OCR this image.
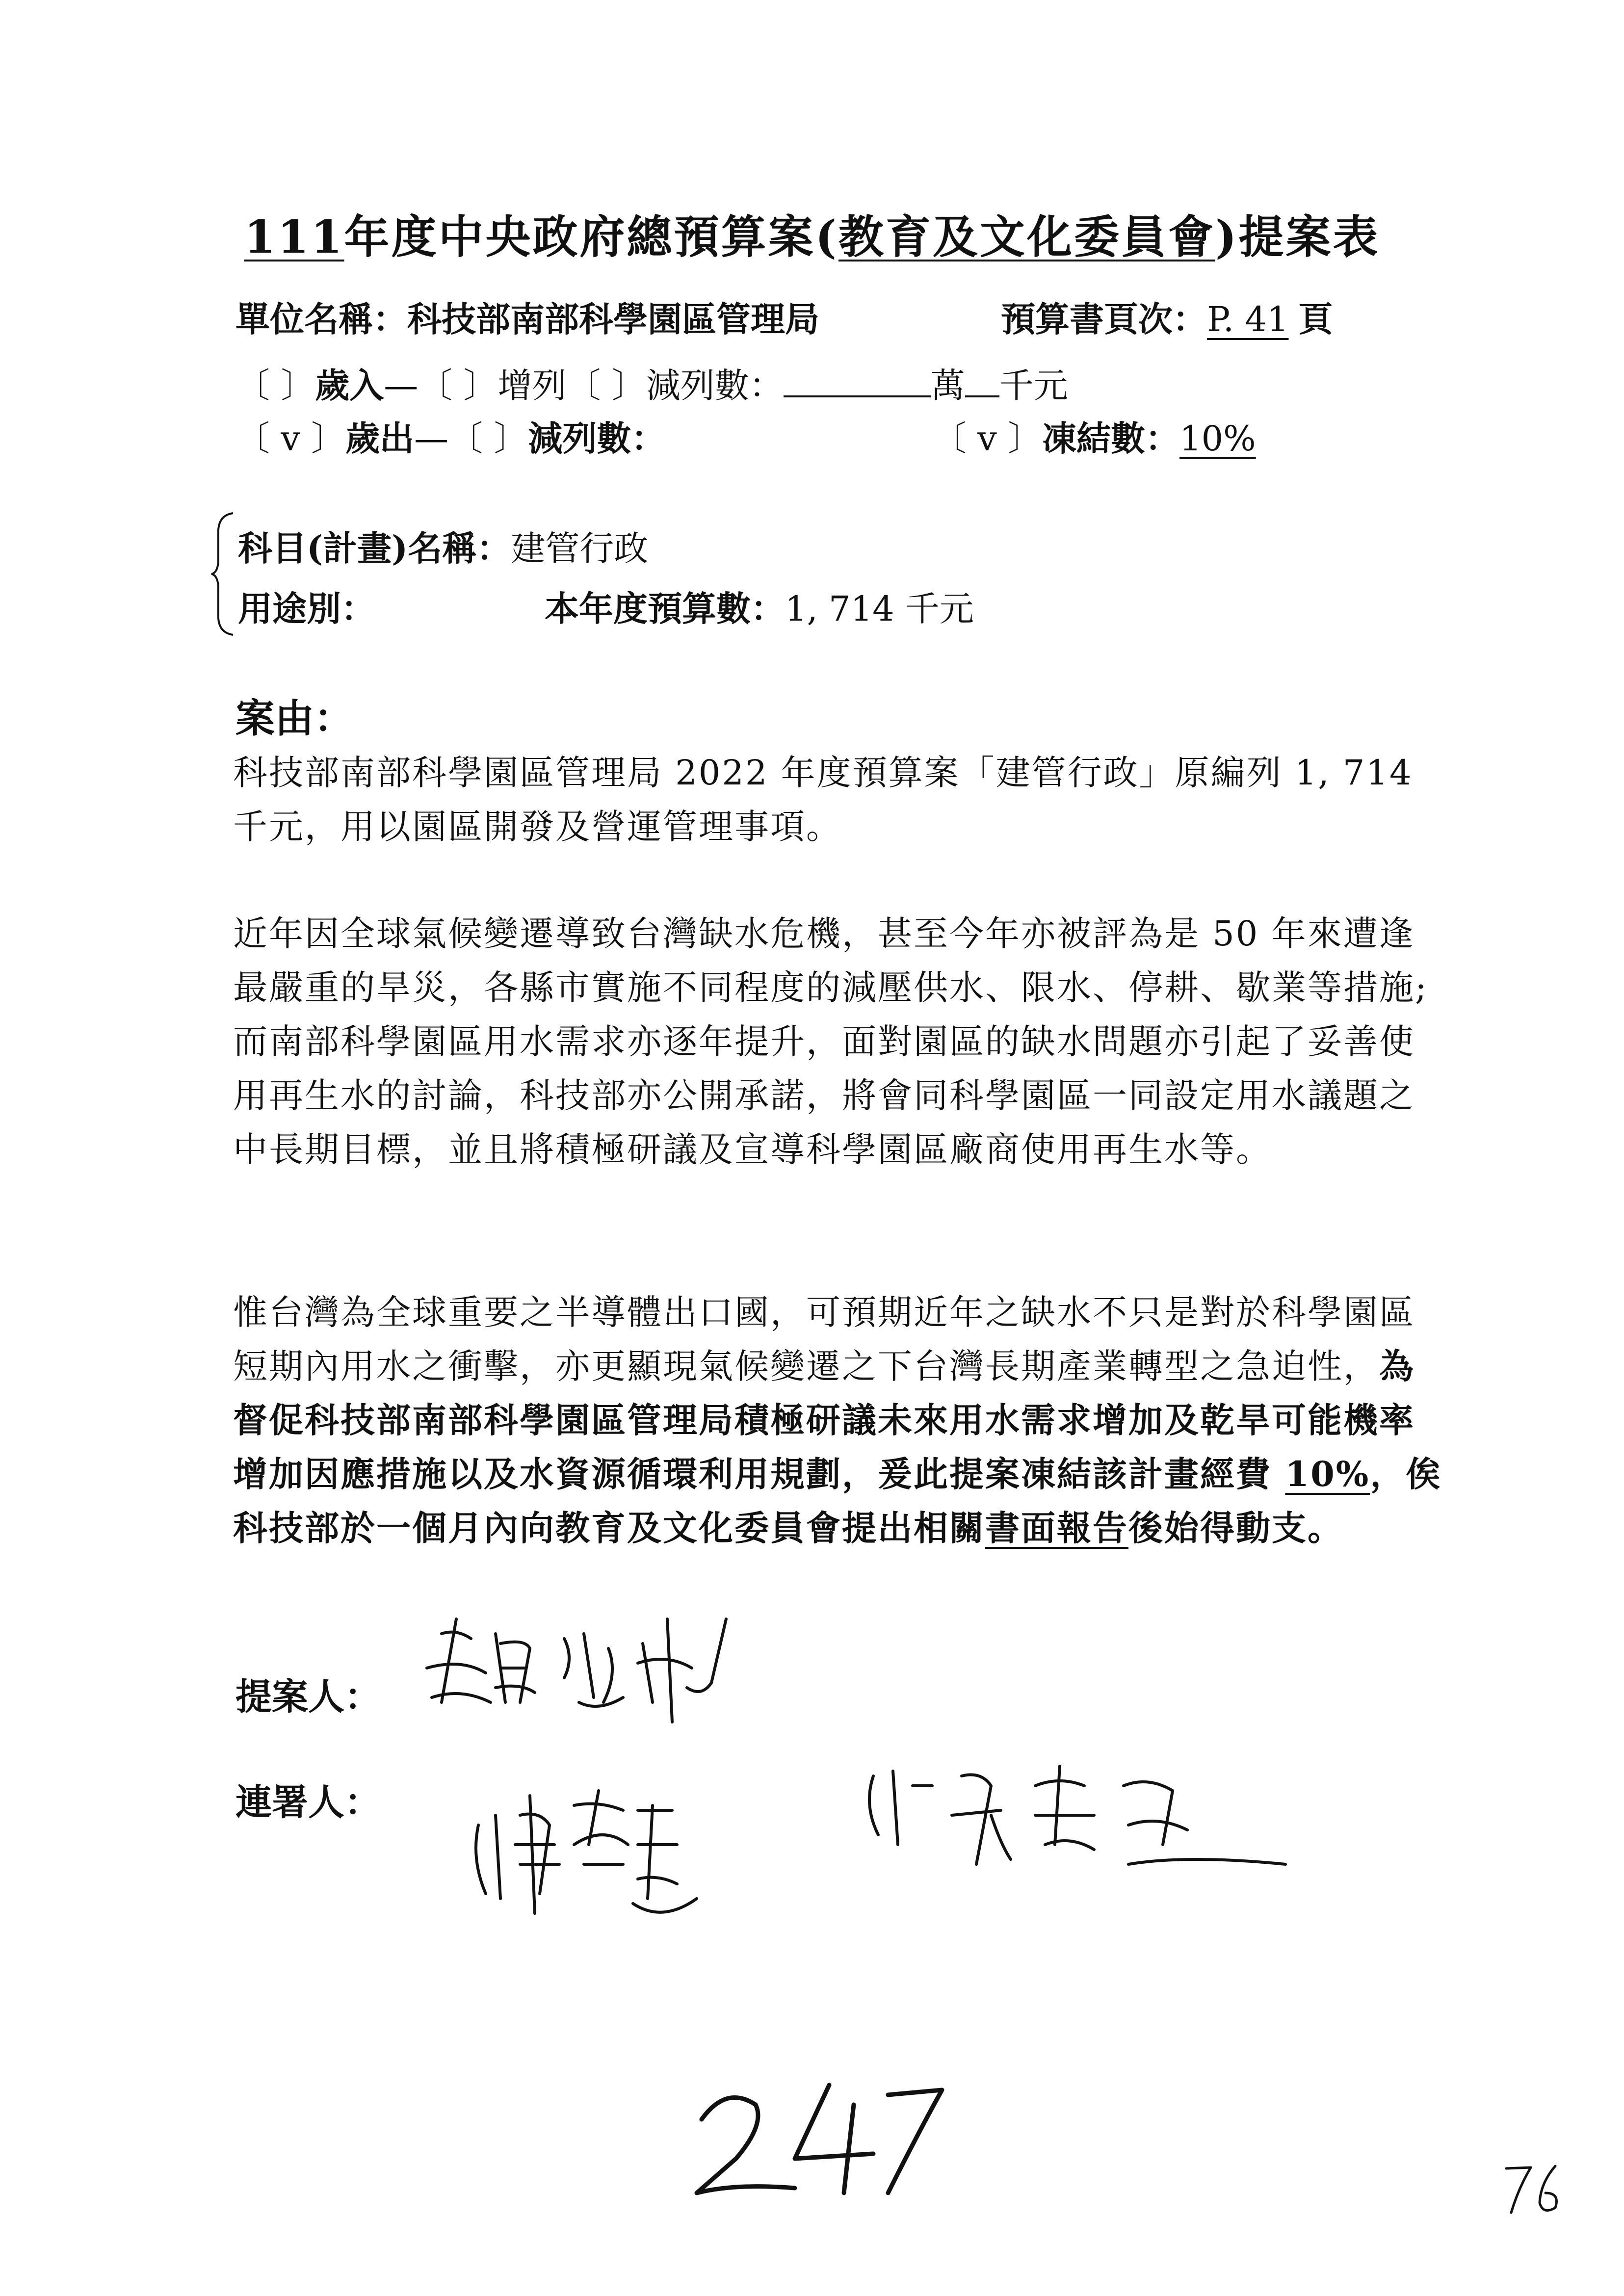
111年度中央政府總預算案(教育及文化委員會)提案表
單位名稱：科技部南部科學園區管理局	預算書頁次：P. 41 頁
〔 〕歲入—〔 〕增列〔 〕減列數：	萬 千元
〔 v 〕歲出—〔 〕減列數：	〔 v 〕凍結數：10%
科目(計畫)名稱：建管行政
用途別：	本年度預算數：1, 714 千元
案由：
科技部南部科學園區管理局 2022 年度預算案「建管行政」原編列 1, 714 千元，用以園區開發及營運管理事項。
近年因全球氣候變遷導致台灣缺水危機，甚至今年亦被評為是 50 年來遭逢最嚴重的旱災，各縣市實施不同程度的減壓供水、限水、停耕、歇業等措施;而南部科學園區用水需求亦逐年提升，面對園區的缺水問題亦引起了妥善使用再生水的討論，科技部亦公開承諾，將會同科學園區一同設定用水議題之中長期目標，並且將積極研議及宣導科學園區廠商使用再生水等。
惟台灣為全球重要之半導體出口國，可預期近年之缺水不只是對於科學園區短期內用水之衝擊，亦更顯現氣候變遷之下台灣長期產業轉型之急迫性，為督促科技部南部科學園區管理局積極研議未來用水需求增加及乾旱可能機率增加因應措施以及水資源循環利用規劃，爰此提案凍結該計畫經費 10%，俟科技部於一個月內向教育及文化委員會提出相關書面報告後始得動支。
提案人：
連署人：
